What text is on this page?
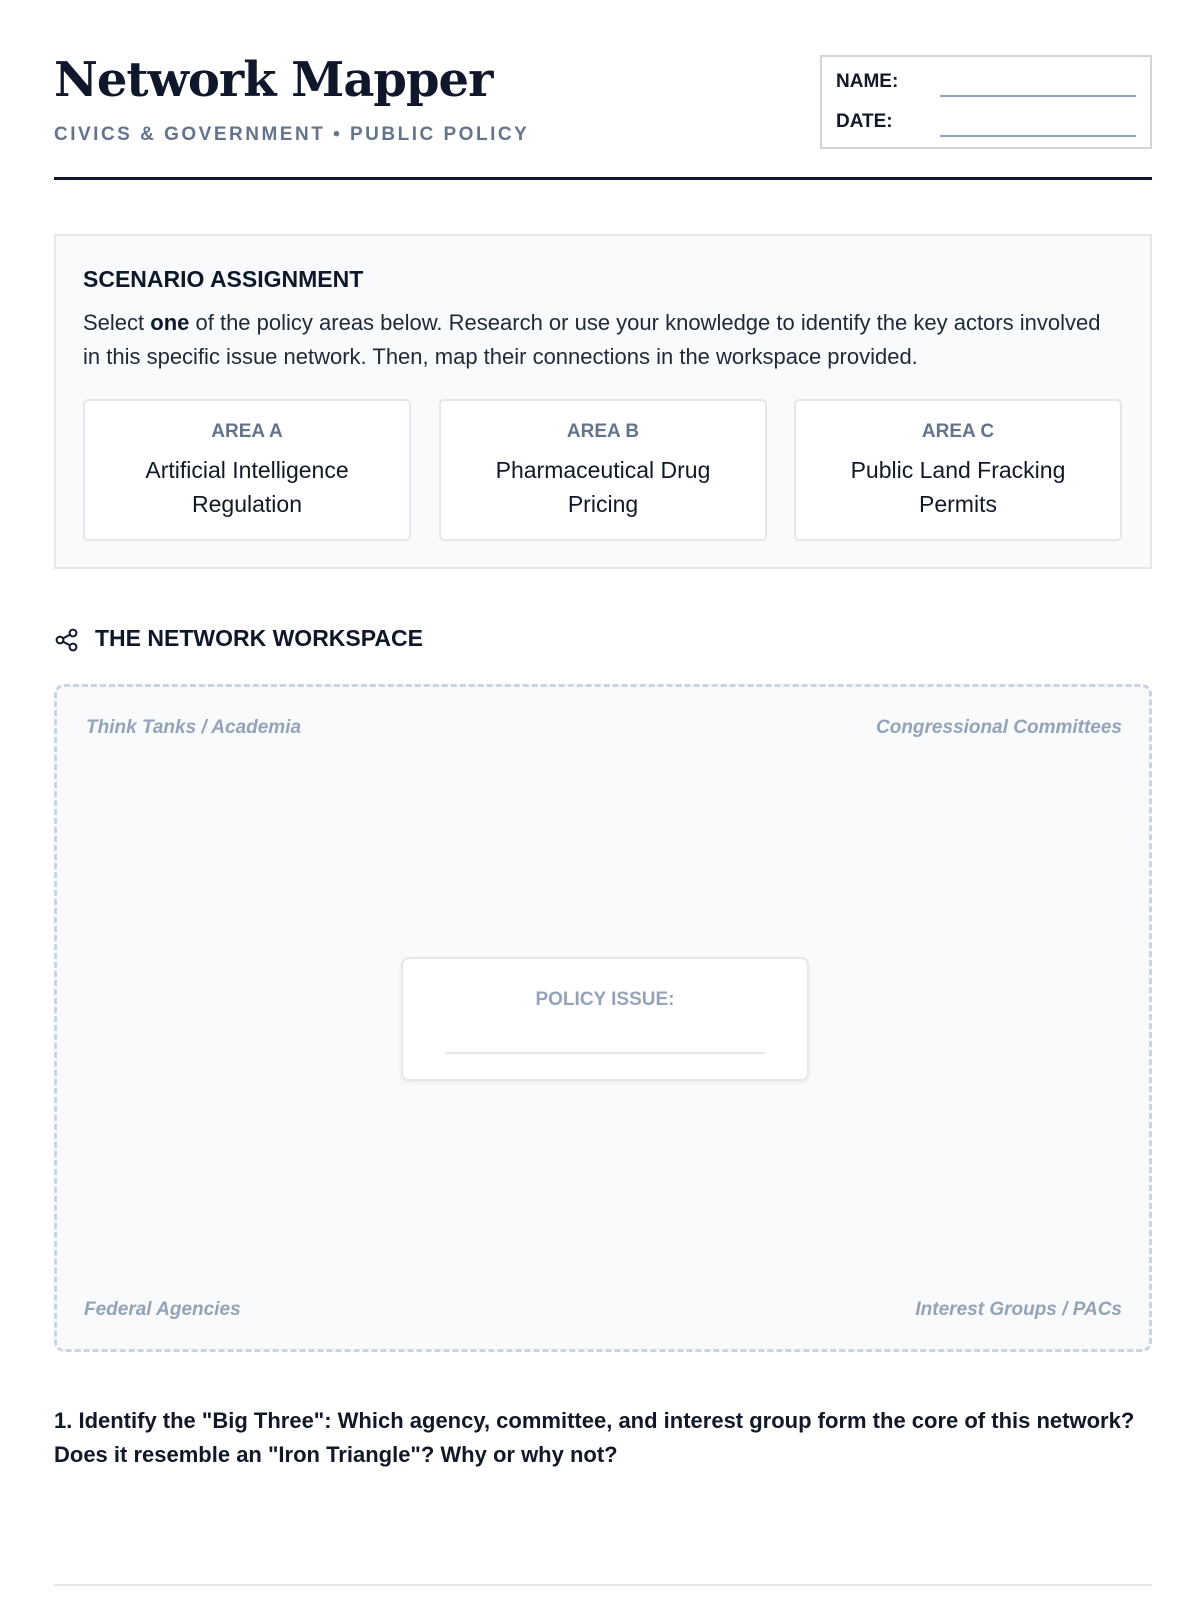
Network Mapper
CIVICS & GOVERNMENT • PUBLIC POLICY
NAME:
DATE:
SCENARIO ASSIGNMENT
Select one of the policy areas below. Research or use your knowledge to identify the key actors involved in this specific issue network. Then, map their connections in the workspace provided.
AREA A
Artificial Intelligence Regulation
AREA B
Pharmaceutical Drug Pricing
AREA C
Public Land Fracking Permits
THE NETWORK WORKSPACE
Think Tanks / Academia	Congressional Committees
Federal Agencies	Interest Groups / PACs
POLICY ISSUE:
1. Identify the "Big Three": Which agency, committee, and interest group form the core of this network? Does it resemble an "Iron Triangle"? Why or why not?
